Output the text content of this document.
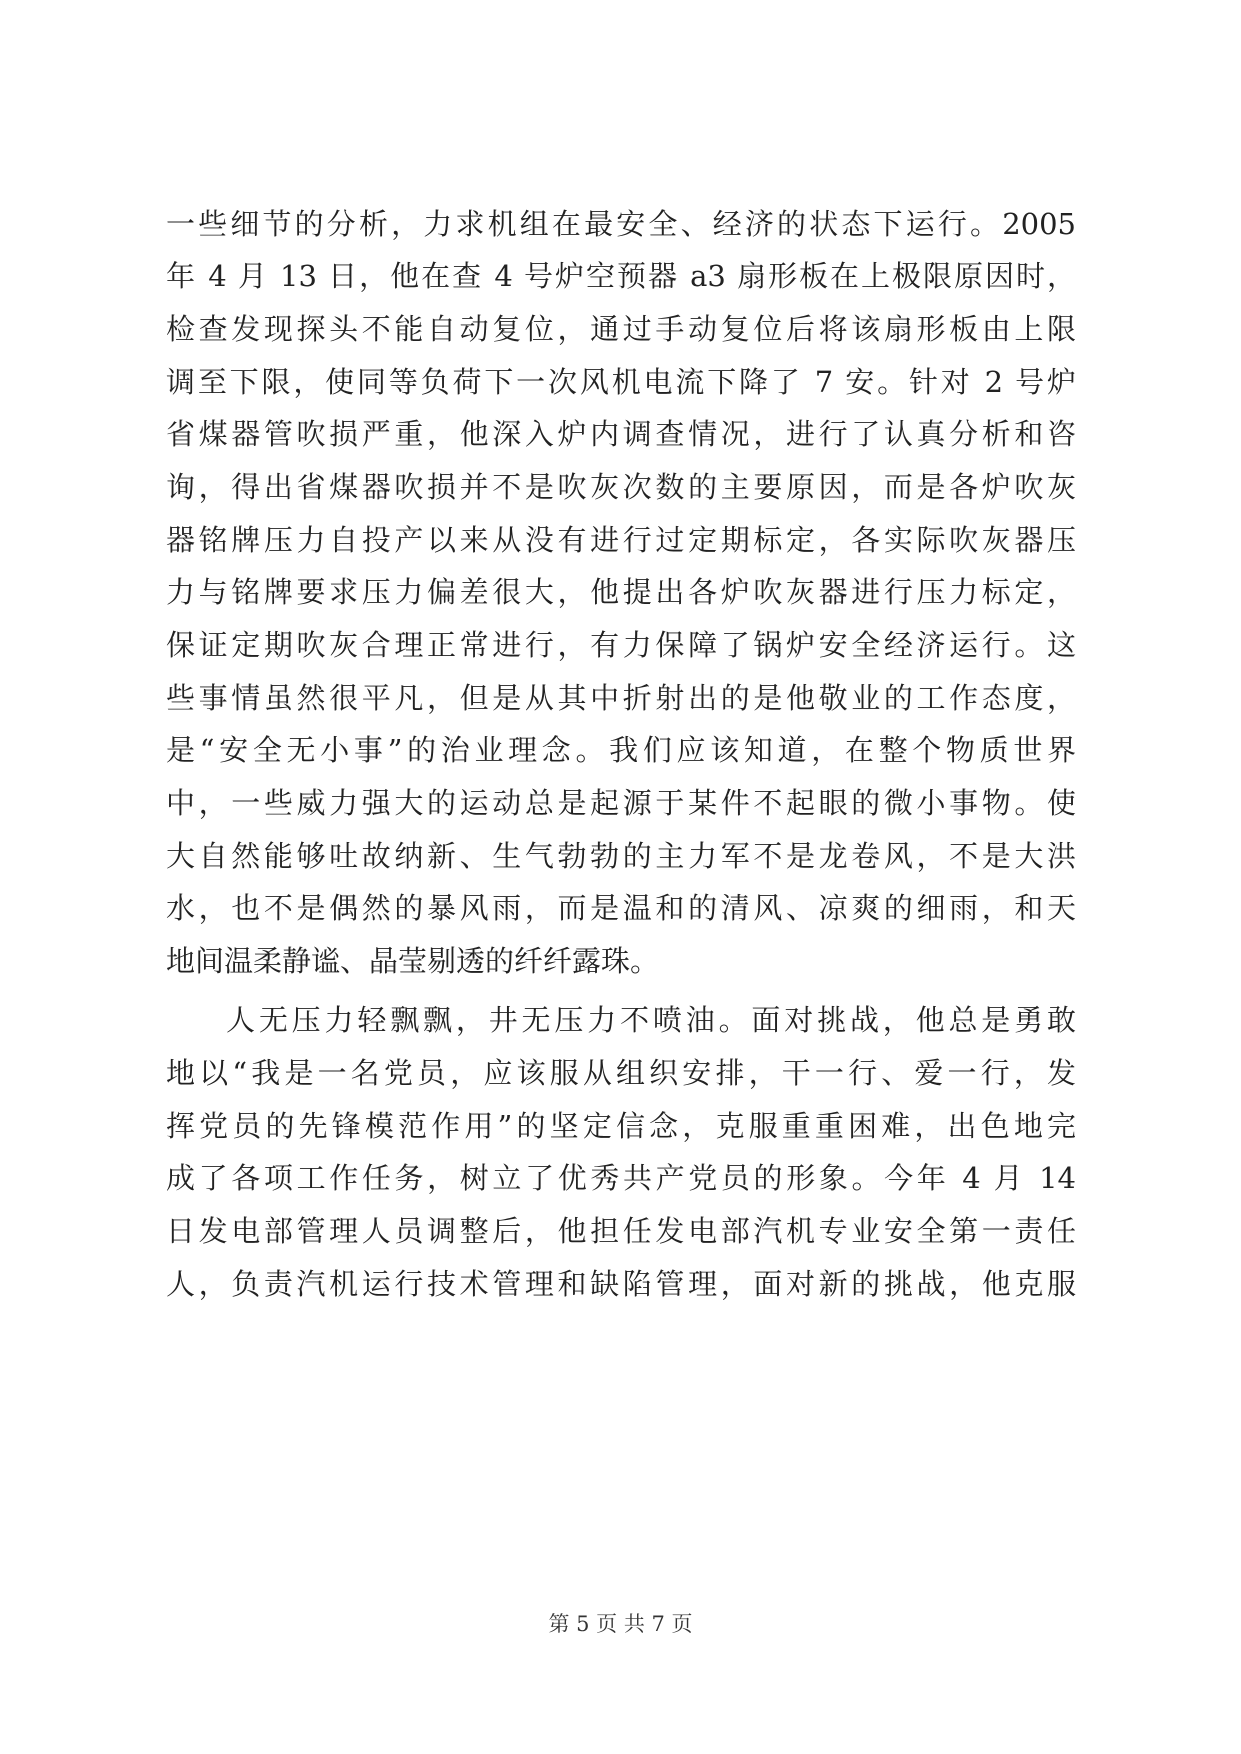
一些细节的分析，力求机组在最安全、经济的状态下运行。2005
年 4 月 13 日，他在查 4 号炉空预器 a3 扇形板在上极限原因时，
检查发现探头不能自动复位，通过手动复位后将该扇形板由上限
调至下限，使同等负荷下一次风机电流下降了 7 安。针对 2 号炉
省煤器管吹损严重，他深入炉内调查情况，进行了认真分析和咨
询，得出省煤器吹损并不是吹灰次数的主要原因，而是各炉吹灰
器铭牌压力自投产以来从没有进行过定期标定，各实际吹灰器压
力与铭牌要求压力偏差很大，他提出各炉吹灰器进行压力标定，
保证定期吹灰合理正常进行，有力保障了锅炉安全经济运行。这
些事情虽然很平凡，但是从其中折射出的是他敬业的工作态度，
是“安全无小事”的治业理念。我们应该知道，在整个物质世界
中，一些威力强大的运动总是起源于某件不起眼的微小事物。使
大自然能够吐故纳新、生气勃勃的主力军不是龙卷风，不是大洪
水，也不是偶然的暴风雨，而是温和的清风、凉爽的细雨，和天
地间温柔静谧、晶莹剔透的纤纤露珠。
人无压力轻飘飘，井无压力不喷油。面对挑战，他总是勇敢
地以“我是一名党员，应该服从组织安排，干一行、爱一行，发
挥党员的先锋模范作用”的坚定信念，克服重重困难，出色地完
成了各项工作任务，树立了优秀共产党员的形象。今年 4 月 14
日发电部管理人员调整后，他担任发电部汽机专业安全第一责任
人，负责汽机运行技术管理和缺陷管理，面对新的挑战，他克服
第 5 页 共 7 页
